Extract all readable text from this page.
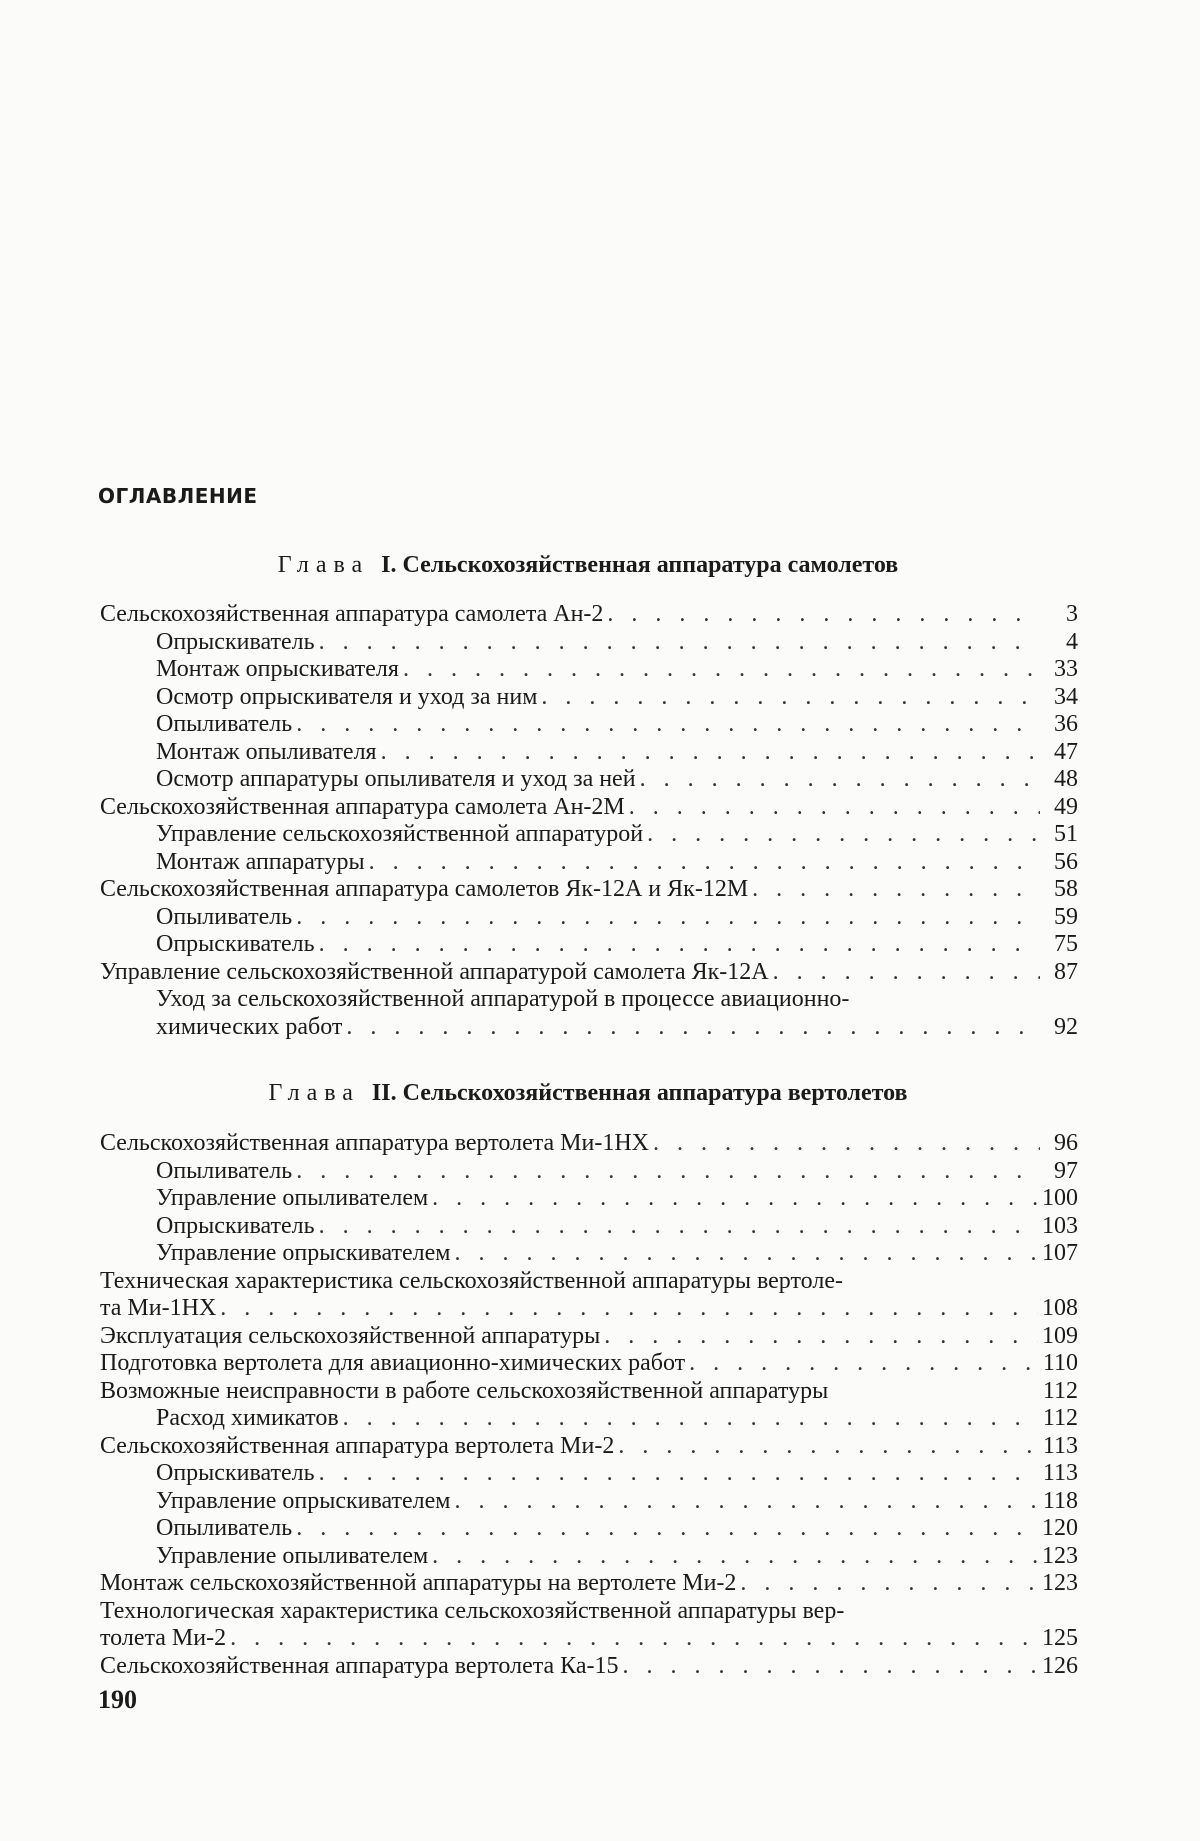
ОГЛАВЛЕНИЕ
Глава I. Сельскохозяйственная аппаратура самолетов
Сельскохозяйственная аппаратура самолета Ан-2 . . .	3
Опрыскиватель . . .	4
Монтаж опрыскивателя . . .	33
Осмотр опрыскивателя и уход за ним . . .	34
Опыливатель . . .	36
Монтаж опыливателя . . .	47
Осмотр аппаратуры опыливателя и уход за ней . . .	48
Сельскохозяйственная аппаратура самолета Ан-2М . . .	49
Управление сельскохозяйственной аппаратурой . . .	51
Монтаж аппаратуры . . .	56
Сельскохозяйственная аппаратура самолетов Як-12А и Як-12М . . .	58
Опыливатель . . .	59
Опрыскиватель . . .	75
Управление сельскохозяйственной аппаратурой самолета Як-12А . . .	87
Уход за сельскохозяйственной аппаратурой в процессе авиационно-
химических работ . . .	92
Глава II. Сельскохозяйственная аппаратура вертолетов
Сельскохозяйственная аппаратура вертолета Ми-1НХ . . .	96
Опыливатель . . .	97
Управление опыливателем . . .	100
Опрыскиватель . . .	103
Управление опрыскивателем . . .	107
Техническая характеристика сельскохозяйственной аппаратуры вертоле-
та Ми-1НХ . . .	108
Эксплуатация сельскохозяйственной аппаратуры . . .	109
Подготовка вертолета для авиационно-химических работ . . .	110
Возможные неисправности в работе сельскохозяйственной аппаратуры	112
Расход химикатов . . .	112
Сельскохозяйственная аппаратура вертолета Ми-2 . . .	113
Опрыскиватель . . .	113
Управление опрыскивателем . . .	118
Опыливатель . . .	120
Управление опыливателем . . .	123
Монтаж сельскохозяйственной аппаратуры на вертолете Ми-2 . . .	123
Технологическая характеристика сельскохозяйственной аппаратуры вер-
толета Ми-2 . . .	125
Сельскохозяйственная аппаратура вертолета Ка-15 . . .	126
190
